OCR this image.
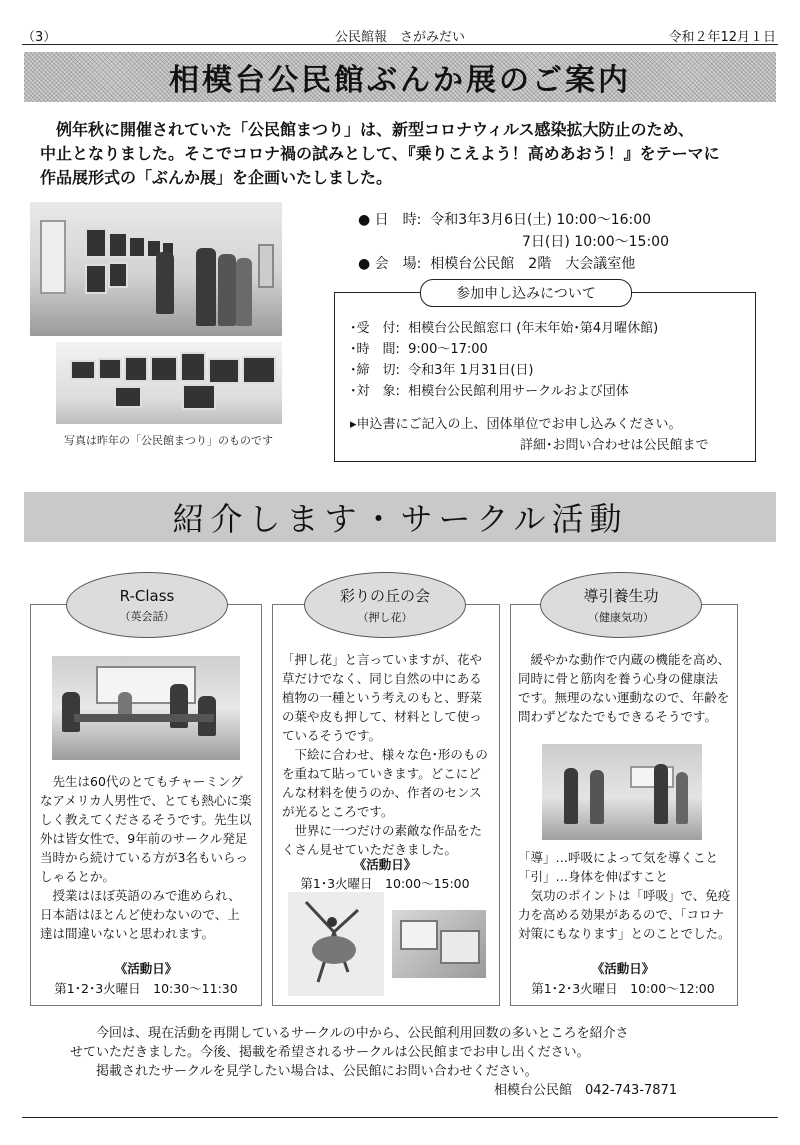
（3）	公民館報　さがみだい	令和２年12月１日
相模台公民館ぶんか展のご案内

　例年秋に開催されていた「公民館まつり」は、新型コロナウィルス感染拡大防止のため、

中止となりました。そこでコロナ禍の試みとして、『乗りこえよう！高めあおう！』をテーマに

作品展形式の「ぶんか展」を企画いたしました。

写真は昨年の「公民館まつり」のものです
● 日　時:  令和3年3月6日(土) 10:00～16:00
7日(日) 10:00～15:00
● 会　場:  相模台公民館　2階　大会議室他
参加申し込みについて
･受　付:  相模台公民館窓口 (年末年始･第4月曜休館)
･時　間:  9:00～17:00
･締　切:  令和3年 1月31日(日)
･対　象:  相模台公民館利用サークルおよび団体
▸申込書にご記入の上、団体単位でお申し込みください。
詳細･お問い合わせは公民館まで
紹介します・サークル活動
R-Class
（英会話）

　先生は60代のとてもチャーミングなアメリカ人男性で、とても熱心に楽しく教えてくださるそうです。先生以外は皆女性で、9年前のサークル発足当時から続けている方が3名もいらっしゃるとか。

　授業はほぼ英語のみで進められ、日本語はほとんど使わないので、上達は間違いないと思われます。

《活動日》
第1･2･3火曜日　10:30～11:30
彩りの丘の会
（押し花）

「押し花」と言っていますが、花や草だけでなく、同じ自然の中にある植物の一種という考えのもと、野菜の葉や皮も押して、材料として使っているそうです。

　下絵に合わせ、様々な色･形のものを重ねて貼っていきます。どこにどんな材料を使うのか、作者のセンスが光るところです。

　世界に一つだけの素敵な作品をたくさん見せていただきました。

《活動日》
第1･3火曜日　10:00～15:00
導引養生功
（健康気功）

　緩やかな動作で内蔵の機能を高め、同時に骨と筋肉を養う心身の健康法です。無理のない運動なので、年齢を問わずどなたでもできるそうです。

「導」…呼吸によって気を導くこと

「引」…身体を伸ばすこと

　気功のポイントは「呼吸」で、免疫力を高める効果があるので、「コロナ対策にもなります」とのことでした。

《活動日》
第1･2･3火曜日　10:00～12:00

　　今回は、現在活動を再開しているサークルの中から、公民館利用回数の多いところを紹介さ

せていただきました。今後、掲載を希望されるサークルは公民館までお申し出ください。

　　掲載されたサークルを見学したい場合は、公民館にお問い合わせください。

相模台公民館　042-743-7871
